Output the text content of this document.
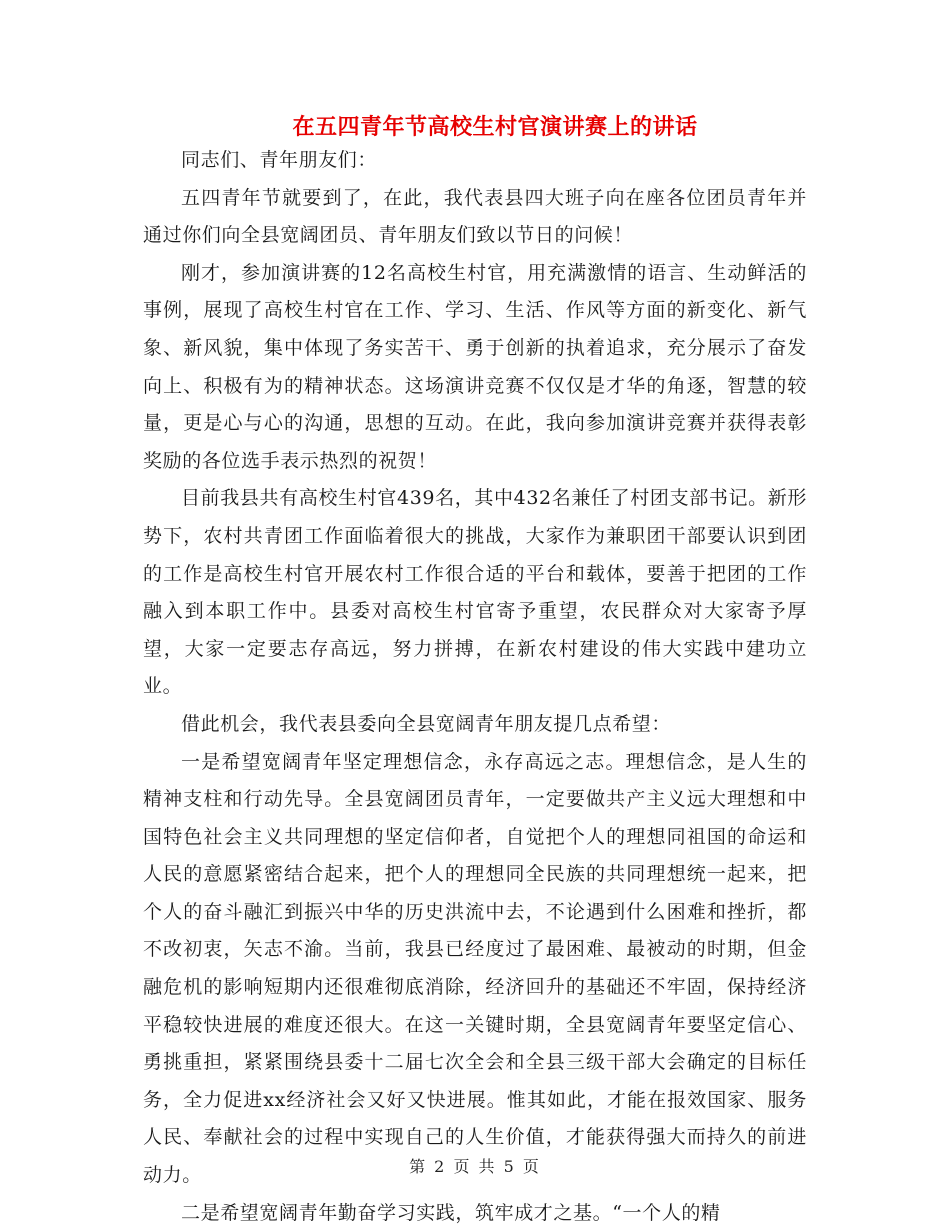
在五四青年节高校生村官演讲赛上的讲话

同志们、青年朋友们：

五四青年节就要到了，在此，我代表县四大班子向在座各位团员青年并通过你们向全县宽阔团员、青年朋友们致以节日的问候！

刚才，参加演讲赛的12名高校生村官，用充满激情的语言、生动鲜活的事例，展现了高校生村官在工作、学习、生活、作风等方面的新变化、新气象、新风貌，集中体现了务实苦干、勇于创新的执着追求，充分展示了奋发向上、积极有为的精神状态。这场演讲竞赛不仅仅是才华的角逐，智慧的较量，更是心与心的沟通，思想的互动。在此，我向参加演讲竞赛并获得表彰奖励的各位选手表示热烈的祝贺！

目前我县共有高校生村官439名，其中432名兼任了村团支部书记。新形势下，农村共青团工作面临着很大的挑战，大家作为兼职团干部要认识到团的工作是高校生村官开展农村工作很合适的平台和载体，要善于把团的工作融入到本职工作中。县委对高校生村官寄予重望，农民群众对大家寄予厚望，大家一定要志存高远，努力拼搏，在新农村建设的伟大实践中建功立业。

借此机会，我代表县委向全县宽阔青年朋友提几点希望：

一是希望宽阔青年坚定理想信念，永存高远之志。理想信念，是人生的精神支柱和行动先导。全县宽阔团员青年，一定要做共产主义远大理想和中国特色社会主义共同理想的坚定信仰者，自觉把个人的理想同祖国的命运和人民的意愿紧密结合起来，把个人的理想同全民族的共同理想统一起来，把个人的奋斗融汇到振兴中华的历史洪流中去，不论遇到什么困难和挫折，都不改初衷，矢志不渝。当前，我县已经度过了最困难、最被动的时期，但金融危机的影响短期内还很难彻底消除，经济回升的基础还不牢固，保持经济平稳较快进展的难度还很大。在这一关键时期，全县宽阔青年要坚定信心、勇挑重担，紧紧围绕县委十二届七次全会和全县三级干部大会确定的目标任务，全力促进xx经济社会又好又快进展。惟其如此，才能在报效国家、服务人民、奉献社会的过程中实现自己的人生价值，才能获得强大而持久的前进动力。

二是希望宽阔青年勤奋学习实践，筑牢成才之基。“一个人的精

第 2 页 共 5 页
